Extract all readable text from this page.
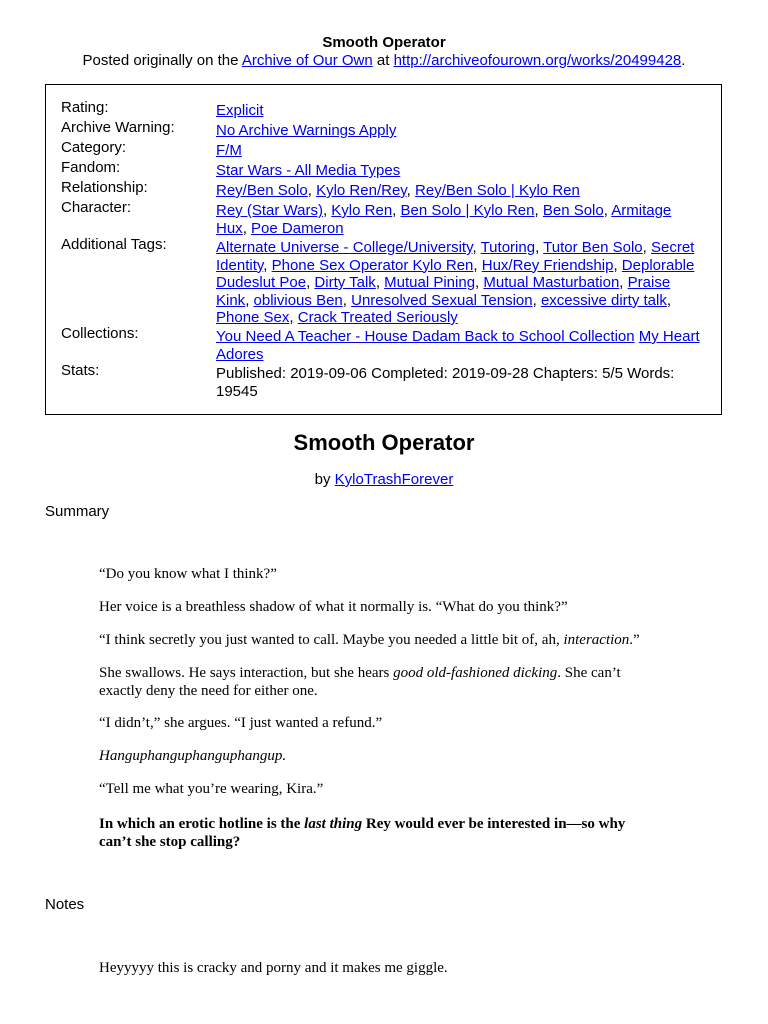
Smooth Operator
Posted originally on the Archive of Our Own at http://archiveofourown.org/works/20499428.
Rating:	Explicit
Archive Warning:	No Archive Warnings Apply
Category:	F/M
Fandom:	Star Wars - All Media Types
Relationship:	Rey/Ben Solo, Kylo Ren/Rey, Rey/Ben Solo | Kylo Ren
Character:	Rey (Star Wars), Kylo Ren, Ben Solo | Kylo Ren, Ben Solo, Armitage Hux, Poe Dameron
Additional Tags:	Alternate Universe - College/University, Tutoring, Tutor Ben Solo, Secret Identity, Phone Sex Operator Kylo Ren, Hux/Rey Friendship, Deplorable Dudeslut Poe, Dirty Talk, Mutual Pining, Mutual Masturbation, Praise Kink, oblivious Ben, Unresolved Sexual Tension, excessive dirty talk, Phone Sex, Crack Treated Seriously
Collections:	You Need A Teacher - House Dadam Back to School Collection My Heart Adores
Stats:	Published: 2019-09-06 Completed: 2019-09-28 Chapters: 5/5 Words: 19545
Smooth Operator
by KyloTrashForever
Summary
“Do you know what I think?”
Her voice is a breathless shadow of what it normally is. “What do you think?”
“I think secretly you just wanted to call. Maybe you needed a little bit of, ah, interaction.”
She swallows. He says interaction, but she hears good old-fashioned dicking. She can’t exactly deny the need for either one.
“I didn’t,” she argues. “I just wanted a refund.”
Hanguphanguphanguphangup.
“Tell me what you’re wearing, Kira.”
In which an erotic hotline is the last thing Rey would ever be interested in—so why can’t she stop calling?
Notes
Heyyyyy this is cracky and porny and it makes me giggle.
